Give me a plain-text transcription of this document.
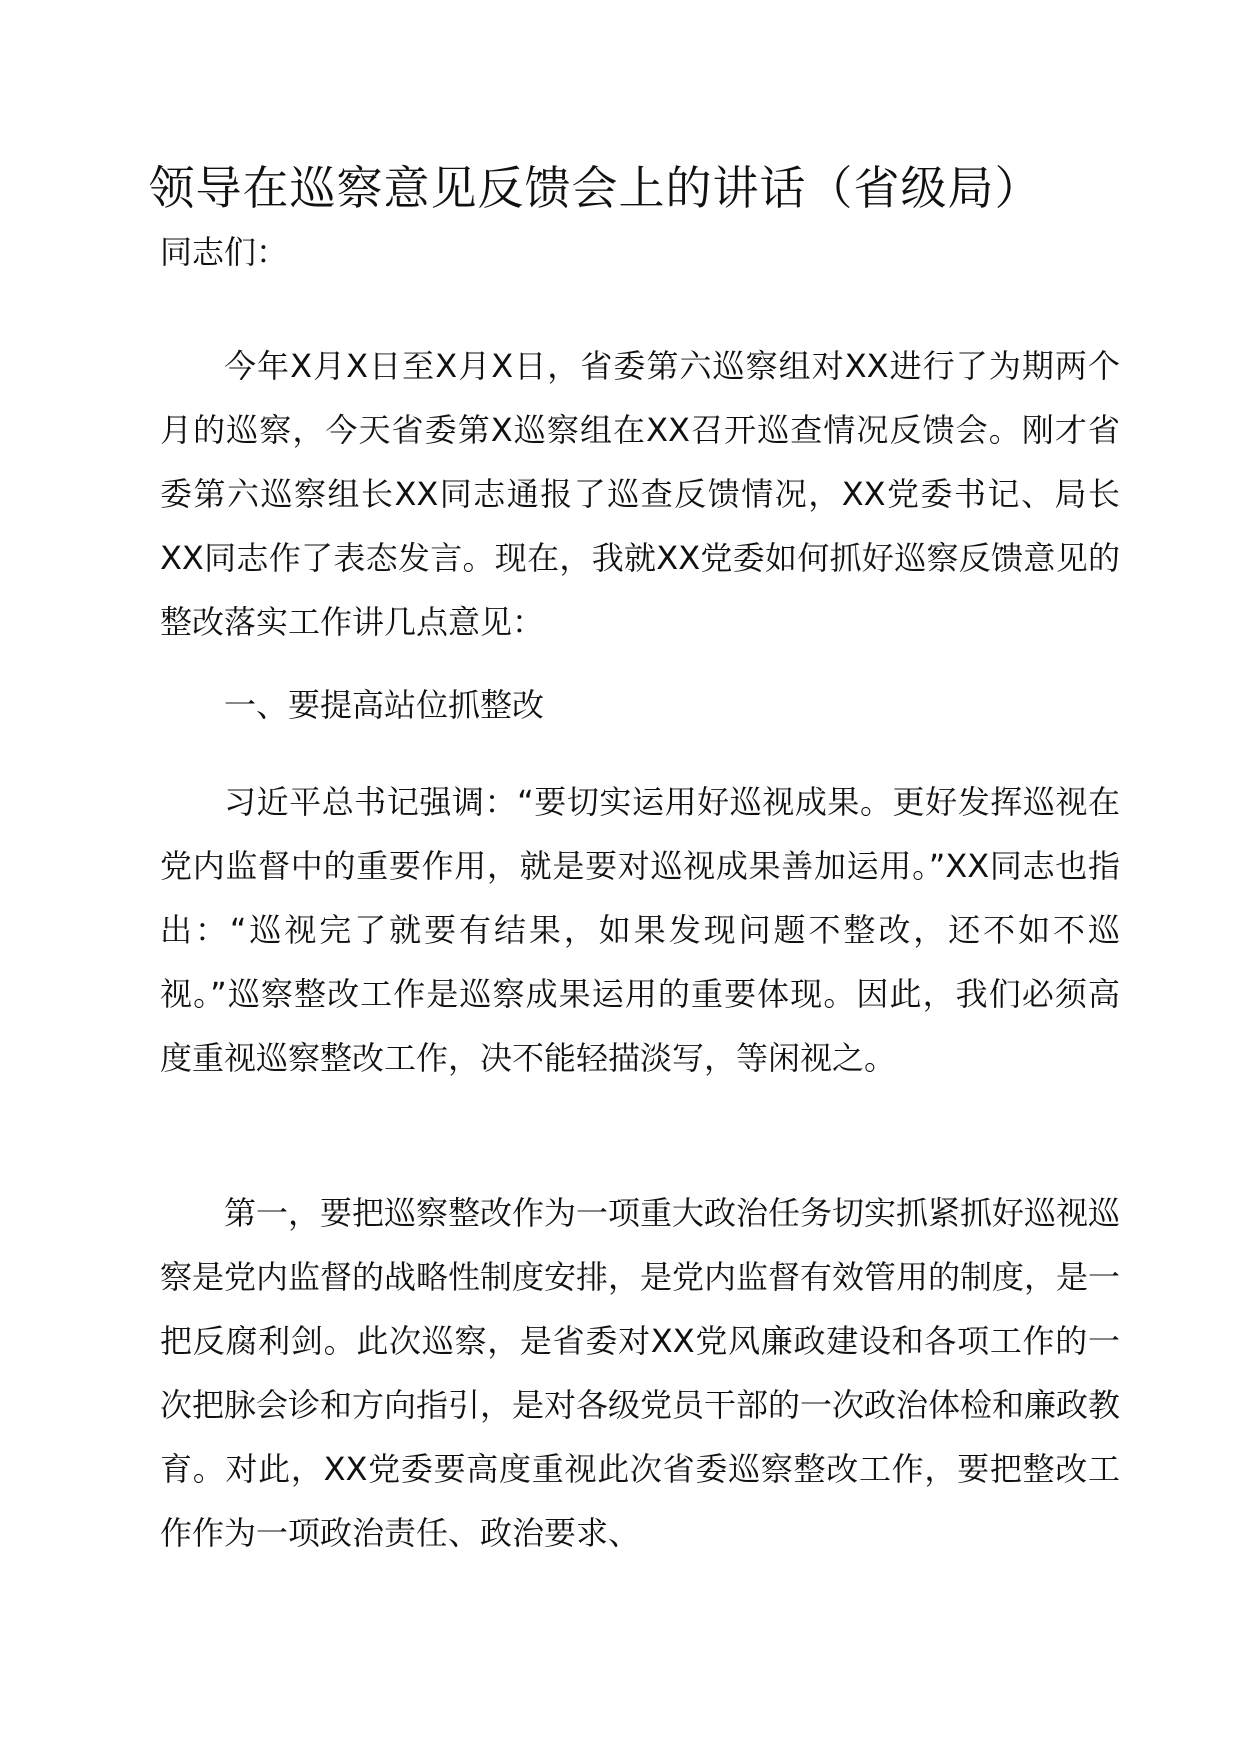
领导在巡察意见反馈会上的讲话（省级局）
同志们：
今年X月X日至X月X日，省委第六巡察组对XX进行了为期两个月的巡察，今天省委第X巡察组在XX召开巡查情况反馈会。刚才省委第六巡察组长XX同志通报了巡查反馈情况，XX党委书记、局长XX同志作了表态发言。现在，我就XX党委如何抓好巡察反馈意见的整改落实工作讲几点意见：
一、要提高站位抓整改
习近平总书记强调：“要切实运用好巡视成果。更好发挥巡视在党内监督中的重要作用，就是要对巡视成果善加运用。”XX同志也指出：“巡视完了就要有结果，如果发现问题不整改，还不如不巡视。”巡察整改工作是巡察成果运用的重要体现。因此，我们必须高度重视巡察整改工作，决不能轻描淡写，等闲视之。
第一，要把巡察整改作为一项重大政治任务切实抓紧抓好巡视巡察是党内监督的战略性制度安排，是党内监督有效管用的制度，是一把反腐利剑。此次巡察，是省委对XX党风廉政建设和各项工作的一次把脉会诊和方向指引，是对各级党员干部的一次政治体检和廉政教育。对此，XX党委要高度重视此次省委巡察整改工作，要把整改工作作为一项政治责任、政治要求、
